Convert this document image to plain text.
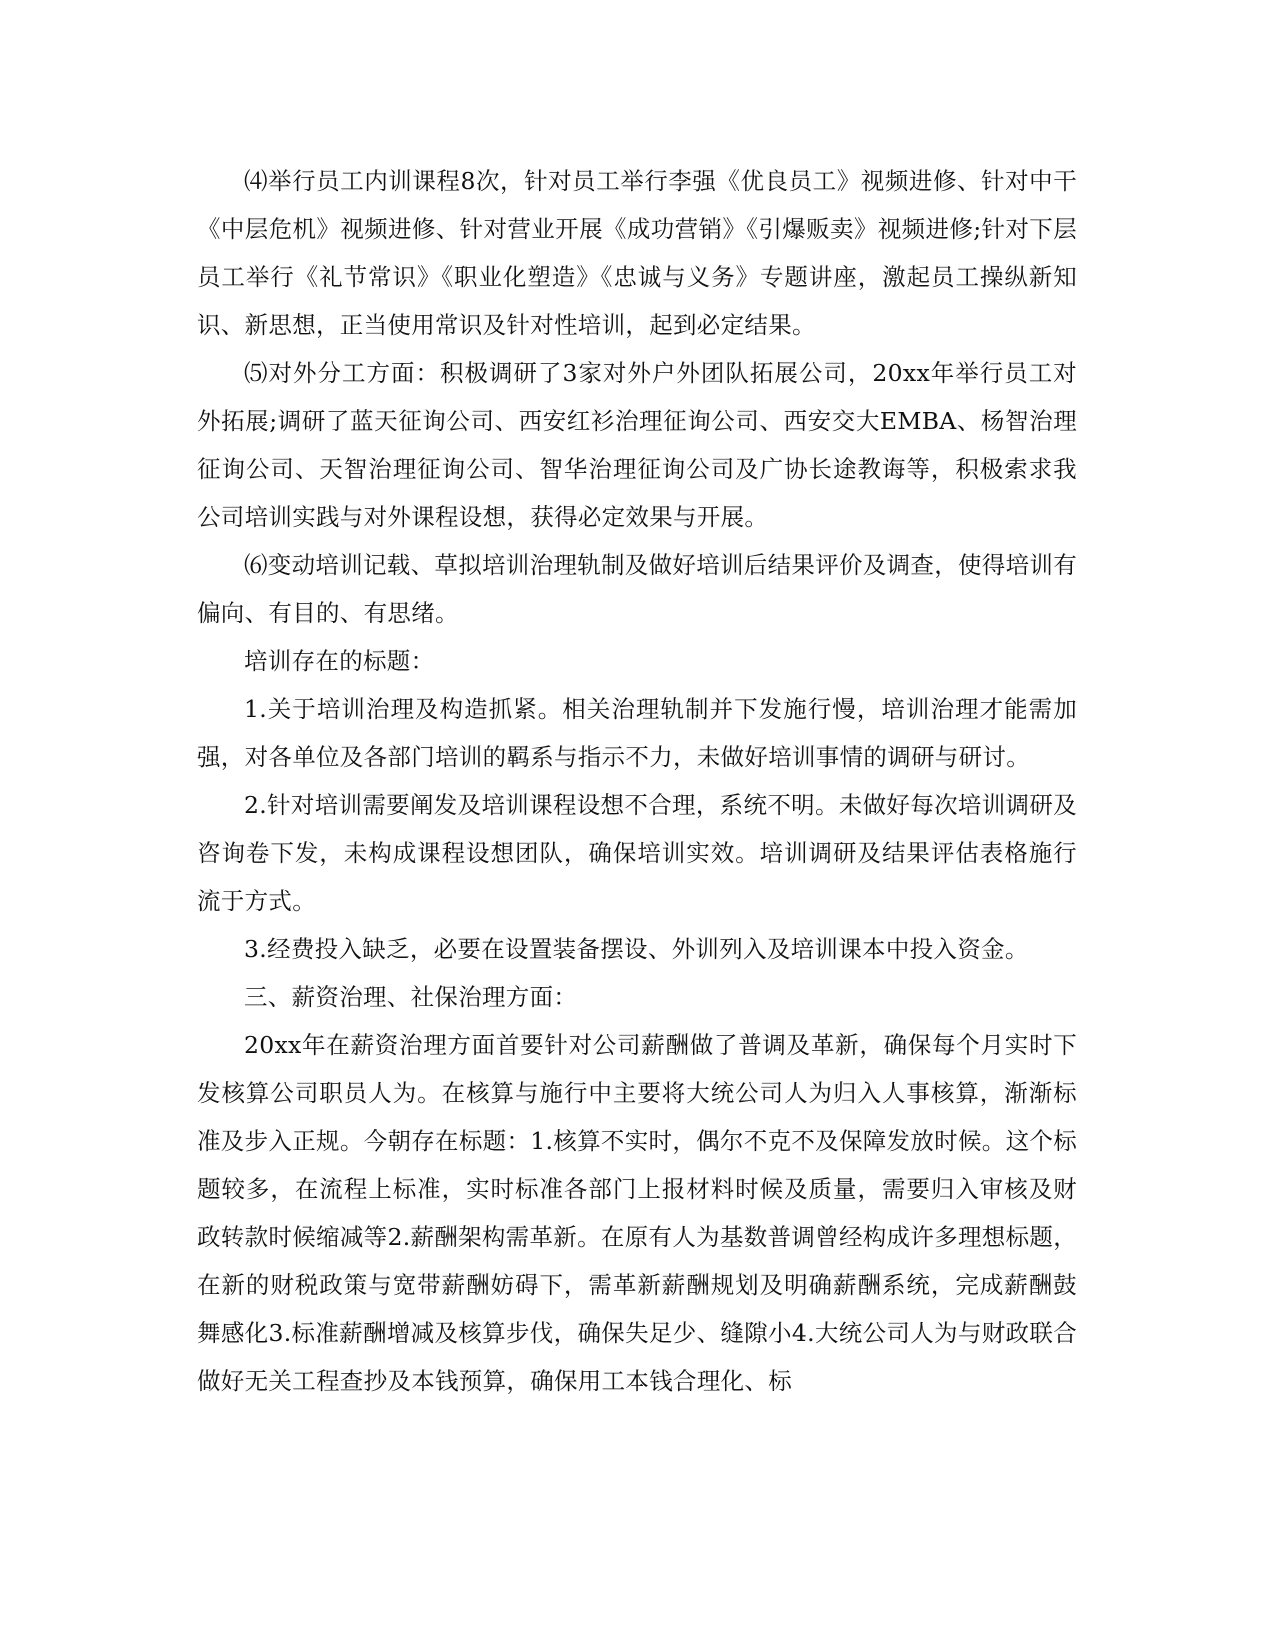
⑷举行员工内训课程8次，针对员工举行李强《优良员工》视频进修、针对中干《中层危机》视频进修、针对营业开展《成功营销》《引爆贩卖》视频进修;针对下层员工举行《礼节常识》《职业化塑造》《忠诚与义务》专题讲座，激起员工操纵新知识、新思想，正当使用常识及针对性培训，起到必定结果。

⑸对外分工方面：积极调研了3家对外户外团队拓展公司，20xx年举行员工对外拓展;调研了蓝天征询公司、西安红衫治理征询公司、西安交大EMBA、杨智治理征询公司、天智治理征询公司、智华治理征询公司及广协长途教诲等，积极索求我公司培训实践与对外课程设想，获得必定效果与开展。

⑹变动培训记载、草拟培训治理轨制及做好培训后结果评价及调查，使得培训有偏向、有目的、有思绪。

培训存在的标题：

1.关于培训治理及构造抓紧。相关治理轨制并下发施行慢，培训治理才能需加强，对各单位及各部门培训的羁系与指示不力，未做好培训事情的调研与研讨。

2.针对培训需要阐发及培训课程设想不合理，系统不明。未做好每次培训调研及咨询卷下发，未构成课程设想团队，确保培训实效。培训调研及结果评估表格施行流于方式。

3.经费投入缺乏，必要在设置装备摆设、外训列入及培训课本中投入资金。

三、薪资治理、社保治理方面：

20xx年在薪资治理方面首要针对公司薪酬做了普调及革新，确保每个月实时下发核算公司职员人为。在核算与施行中主要将大统公司人为归入人事核算，渐渐标准及步入正规。今朝存在标题：1.核算不实时，偶尔不克不及保障发放时候。这个标题较多，在流程上标准，实时标准各部门上报材料时候及质量，需要归入审核及财政转款时候缩减等2.薪酬架构需革新。在原有人为基数普调曾经构成许多理想标题，在新的财税政策与宽带薪酬妨碍下，需革新薪酬规划及明确薪酬系统，完成薪酬鼓舞感化3.标准薪酬增减及核算步伐，确保失足少、缝隙小4.大统公司人为与财政联合做好无关工程查抄及本钱预算，确保用工本钱合理化、标
